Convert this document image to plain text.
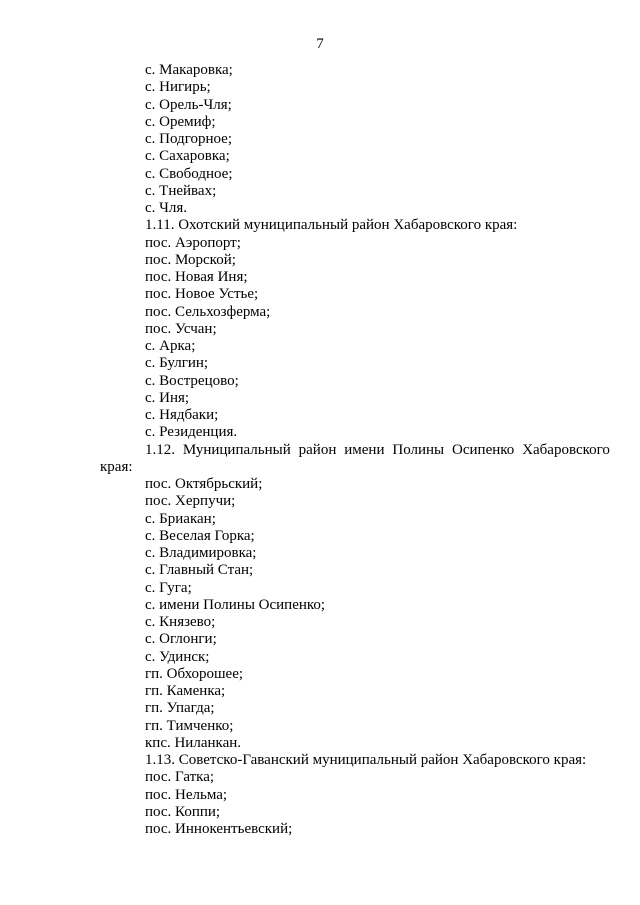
7
с. Макаровка;
с. Нигирь;
с. Орель-Чля;
с. Оремиф;
с. Подгорное;
с. Сахаровка;
с. Свободное;
с. Тнейвах;
с. Чля.
1.11. Охотский муниципальный район Хабаровского края:
пос. Аэропорт;
пос. Морской;
пос. Новая Иня;
пос. Новое Устье;
пос. Сельхозферма;
пос. Усчан;
с. Арка;
с. Булгин;
с. Вострецово;
с. Иня;
с. Нядбаки;
с. Резиденция.
1.12. Муниципальный район имени Полины Осипенко Хабаровского
края:
пос. Октябрьский;
пос. Херпучи;
с. Бриакан;
с. Веселая Горка;
с. Владимировка;
с. Главный Стан;
с. Гуга;
с. имени Полины Осипенко;
с. Князево;
с. Оглонги;
с. Удинск;
гп. Обхорошее;
гп. Каменка;
гп. Упагда;
гп. Тимченко;
кпс. Ниланкан.
1.13. Советско-Гаванский муниципальный район Хабаровского края:
пос. Гатка;
пос. Нельма;
пос. Коппи;
пос. Иннокентьевский;
